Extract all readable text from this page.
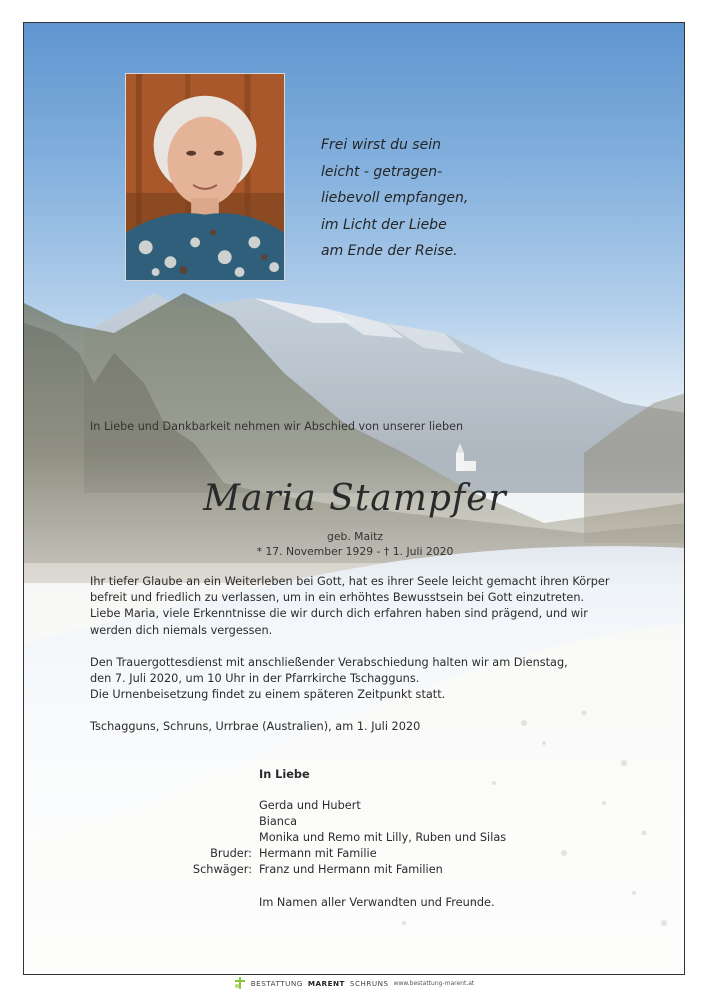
Frei wirst du sein
leicht - getragen-
liebevoll empfangen,
im Licht der Liebe
am Ende der Reise.
In Liebe und Dankbarkeit nehmen wir Abschied von unserer lieben
Maria Stampfer
geb. Maitz
* 17. November 1929 - † 1. Juli 2020

Ihr tiefer Glaube an ein Weiterleben bei Gott, hat es ihrer Seele leicht gemacht ihren Körper

befreit und friedlich zu verlassen, um in ein erhöhtes Bewusstsein bei Gott einzutreten.

Liebe Maria, viele Erkenntnisse die wir durch dich erfahren haben sind prägend, und wir

werden dich niemals vergessen.

Den Trauergottesdienst mit anschließender Verabschiedung halten wir am Dienstag,

den 7. Juli 2020, um 10 Uhr in der Pfarrkirche Tschagguns.

Die Urnenbeisetzung findet zu einem späteren Zeitpunkt statt.

Tschagguns, Schruns, Urrbrae (Australien), am 1. Juli 2020
In Liebe
	Gerda und Hubert
	Bianca
	Monika und Remo mit Lilly, Ruben und Silas
Bruder:	Hermann mit Familie
Schwäger:	Franz und Hermann mit Familien
Im Namen aller Verwandten und Freunde.
BESTATTUNG MARENT SCHRUNS www.bestattung-marent.at
